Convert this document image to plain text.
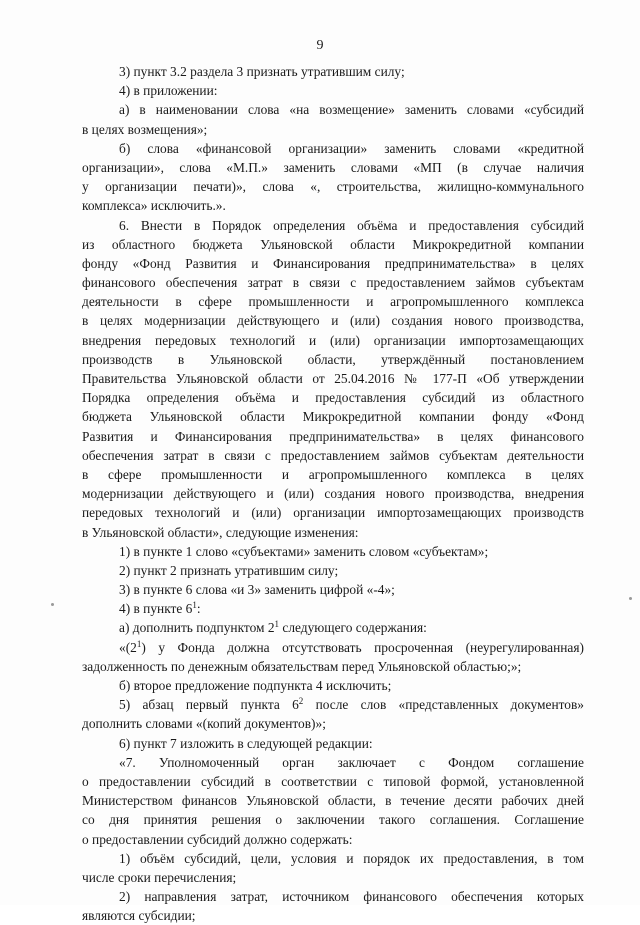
9
3) пункт 3.2 раздела 3 признать утратившим силу;
4) в приложении:
а) в наименовании слова «на возмещение» заменить словами «субсидий
в целях возмещения»;
б) слова «финансовой организации» заменить словами «кредитной
организации», слова «М.П.» заменить словами «МП (в случае наличия
у организации печати)», слова «, строительства, жилищно-коммунального
комплекса» исключить.».
6. Внести в Порядок определения объёма и предоставления субсидий
из областного бюджета Ульяновской области Микрокредитной компании
фонду «Фонд Развития и Финансирования предпринимательства» в целях
финансового обеспечения затрат в связи с предоставлением займов субъектам
деятельности в сфере промышленности и агропромышленного комплекса
в целях модернизации действующего и (или) создания нового производства,
внедрения передовых технологий и (или) организации импортозамещающих
производств в Ульяновской области, утверждённый постановлением
Правительства Ульяновской области от 25.04.2016 № 177-П «Об утверждении
Порядка определения объёма и предоставления субсидий из областного
бюджета Ульяновской области Микрокредитной компании фонду «Фонд
Развития и Финансирования предпринимательства» в целях финансового
обеспечения затрат в связи с предоставлением займов субъектам деятельности
в сфере промышленности и агропромышленного комплекса в целях
модернизации действующего и (или) создания нового производства, внедрения
передовых технологий и (или) организации импортозамещающих производств
в Ульяновской области», следующие изменения:
1) в пункте 1 слово «субъектами» заменить словом «субъектам»;
2) пункт 2 признать утратившим силу;
3) в пункте 6 слова «и 3» заменить цифрой «-4»;
4) в пункте $6^1$:
а) дополнить подпунктом $2^1$ следующего содержания:
«$(2^1)$ у Фонда должна отсутствовать просроченная (неурегулированная)
задолженность по денежным обязательствам перед Ульяновской областью;»;
б) второе предложение подпункта 4 исключить;
5) абзац первый пункта $6^2$ после слов «представленных документов»
дополнить словами «(копий документов)»;
6) пункт 7 изложить в следующей редакции:
«7. Уполномоченный орган заключает с Фондом соглашение
о предоставлении субсидий в соответствии с типовой формой, установленной
Министерством финансов Ульяновской области, в течение десяти рабочих дней
со дня принятия решения о заключении такого соглашения. Соглашение
о предоставлении субсидий должно содержать:
1) объём субсидий, цели, условия и порядок их предоставления, в том
числе сроки перечисления;
2) направления затрат, источником финансового обеспечения которых
являются субсидии;
